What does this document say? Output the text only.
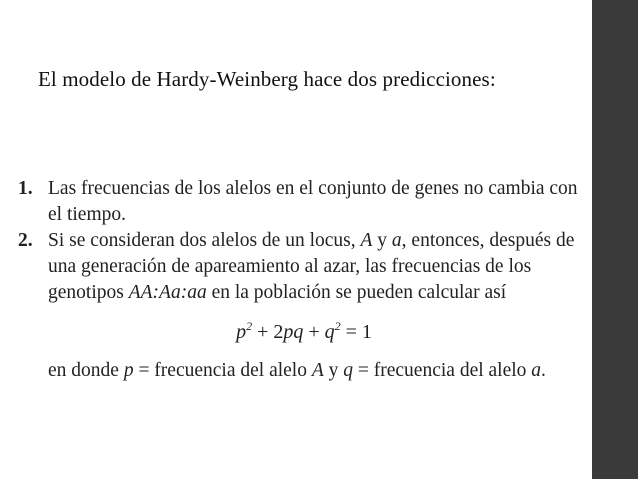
El modelo de Hardy-Weinberg hace dos predicciones:
1. Las frecuencias de los alelos en el conjunto de genes no cambia con el tiempo.
2. Si se consideran dos alelos de un locus, A y a, entonces, después de una generación de apareamiento al azar, las frecuencias de los genotipos AA:Aa:aa en la población se pueden calcular así
$p^2 + 2pq + q^2 = 1$
en donde p = frecuencia del alelo A y q = frecuencia del alelo a.
